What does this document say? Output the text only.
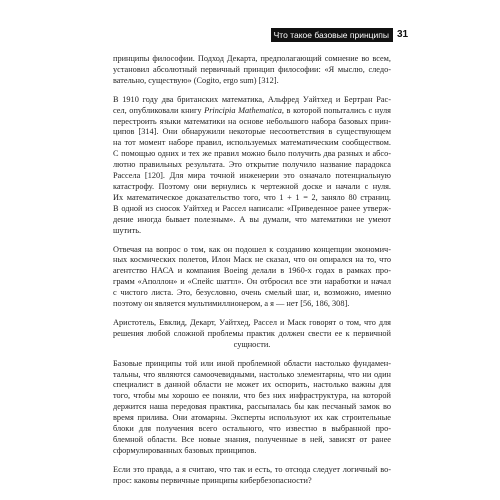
Что такое базовые принципы 31

принципы философии. Подход Декарта, предполагающий сомнение во всем,
установил абсолютный первичный принцип философии: «Я мыслю, следо-
вательно, существую» (Cogito, ergo sum) [312].

В 1910 году два британских математика, Альфред Уайтхед и Бертран Рас-
сел, опубликовали книгу Principia Mathematica, в которой попытались с нуля
перестроить языки математики на основе небольшого набора базовых прин-
ципов [314]. Они обнаружили некоторые несоответствия в существующем
на тот момент наборе правил, используемых математическим сообществом.
С помощью одних и тех же правил можно было получить два разных и абсо-
лютно правильных результата. Это открытие получило название парадокса
Рассела [120]. Для мира точной инженерии это означало потенциальную
катастрофу. Поэтому они вернулись к чертежной доске и начали с нуля.
Их математическое доказательство того, что 1 + 1 = 2, заняло 80 страниц.
В одной из сносок Уайтхед и Рассел написали: «Приведенное ранее утверж-
дение иногда бывает полезным». А вы думали, что математики не умеют
шутить.

Отвечая на вопрос о том, как он подошел к созданию концепции экономич-
ных космических полетов, Илон Маск не сказал, что он опирался на то, что
агентство НАСА и компания Boeing делали в 1960-х годах в рамках про-
грамм «Аполлон» и «Спейс шаттл». Он отбросил все эти наработки и начал
с чистого листа. Это, безусловно, очень смелый шаг, и, возможно, именно
поэтому он является мультимиллионером, а я — нет [56, 186, 308].

Аристотель, Евклид, Декарт, Уайтхед, Рассел и Маск говорят о том, что для
решения любой сложной проблемы практик должен свести ее к первичной
сущности.

Базовые принципы той или иной проблемной области настолько фундамен-
тальны, что являются самоочевидными, настолько элементарны, что ни один
специалист в данной области не может их оспорить, настолько важны для
того, чтобы мы хорошо ее поняли, что без них инфраструктура, на которой
держится наша передовая практика, рассыпалась бы как песчаный замок во
время прилива. Они атомарны. Эксперты используют их как строительные
блоки для получения всего остального, что известно в выбранной про-
блемной области. Все новые знания, полученные в ней, зависят от ранее
сформулированных базовых принципов.

Если это правда, а я считаю, что так и есть, то отсюда следует логичный во-
прос: каковы первичные принципы кибербезопасности?
